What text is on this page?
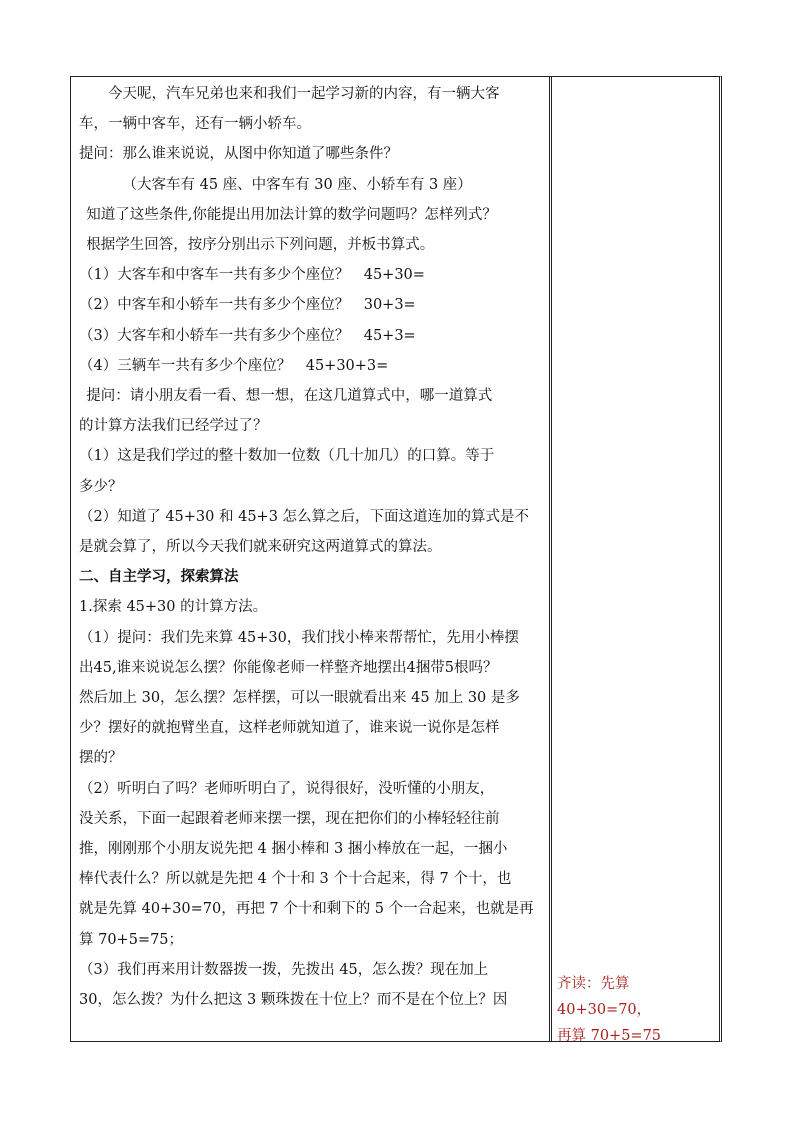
今天呢，汽车兄弟也来和我们一起学习新的内容，有一辆大客

车，一辆中客车，还有一辆小轿车。

提问：那么谁来说说，从图中你知道了哪些条件？

（大客车有 45 座、中客车有 30 座、小轿车有 3 座）

知道了这些条件,你能提出用加法计算的数学问题吗？怎样列式？

根据学生回答，按序分别出示下列问题，并板书算式。

（1）大客车和中客车一共有多少个座位？　45+30=

（2）中客车和小轿车一共有多少个座位？　30+3=

（3）大客车和小轿车一共有多少个座位？　45+3=

（4）三辆车一共有多少个座位？　45+30+3=

提问：请小朋友看一看、想一想，在这几道算式中，哪一道算式

的计算方法我们已经学过了？

（1）这是我们学过的整十数加一位数（几十加几）的口算。等于

多少？

（2）知道了 45+30 和 45+3 怎么算之后，下面这道连加的算式是不

是就会算了，所以今天我们就来研究这两道算式的算法。

二、自主学习，探索算法

1.探索 45+30 的计算方法。

（1）提问：我们先来算 45+30，我们找小棒来帮帮忙，先用小棒摆

出45,谁来说说怎么摆？你能像老师一样整齐地摆出4捆带5根吗？

然后加上 30，怎么摆？怎样摆，可以一眼就看出来 45 加上 30 是多

少？摆好的就抱臂坐直，这样老师就知道了，谁来说一说你是怎样

摆的？

（2）听明白了吗？老师听明白了，说得很好，没听懂的小朋友，

没关系，下面一起跟着老师来摆一摆，现在把你们的小棒轻轻往前

推，刚刚那个小朋友说先把 4 捆小棒和 3 捆小棒放在一起，一捆小

棒代表什么？所以就是先把 4 个十和 3 个十合起来，得 7 个十，也

就是先算 40+30=70，再把 7 个十和剩下的 5 个一合起来，也就是再

算 70+5=75；

（3）我们再来用计数器拨一拨，先拨出 45，怎么拨？现在加上

30，怎么拨？为什么把这 3 颗珠拨在十位上？而不是在个位上？因

齐读：先算 40+30=70，
再算 70+5=75
